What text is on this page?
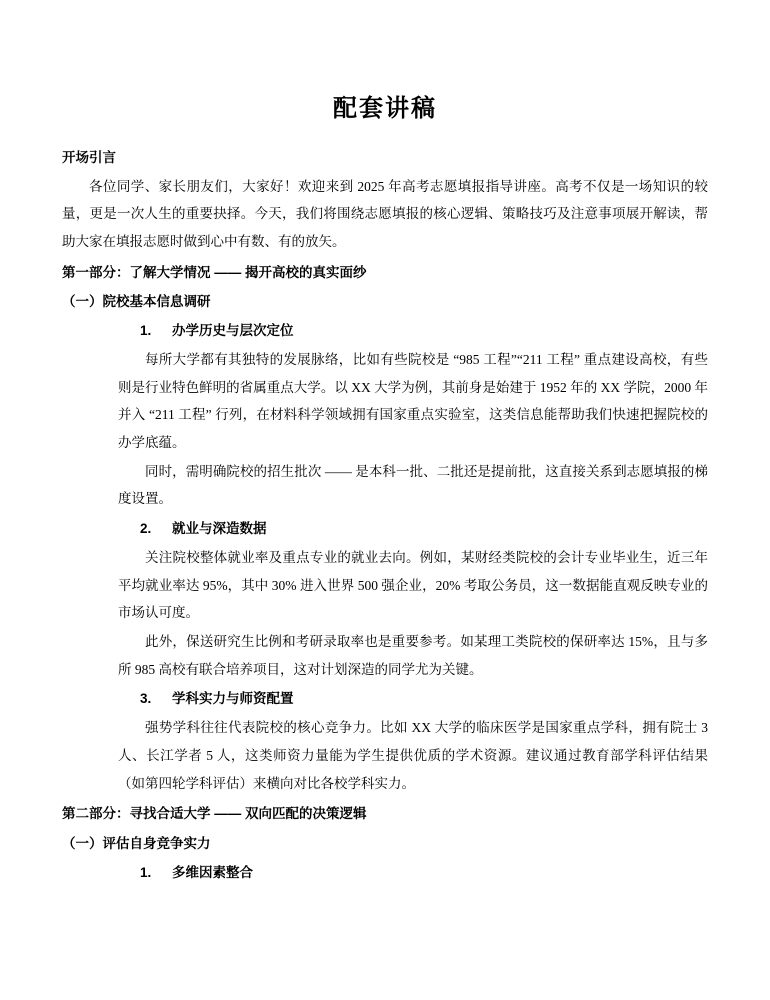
配套讲稿
开场引言

各位同学、家长朋友们，大家好！欢迎来到 2025 年高考志愿填报指导讲座。高考不仅是一场知识的较量，更是一次人生的重要抉择。今天，我们将围绕志愿填报的核心逻辑、策略技巧及注意事项展开解读，帮助大家在填报志愿时做到心中有数、有的放矢。

第一部分：了解大学情况 —— 揭开高校的真实面纱
（一）院校基本信息调研
1. 办学历史与层次定位

每所大学都有其独特的发展脉络，比如有些院校是 “985 工程”“211 工程” 重点建设高校，有些则是行业特色鲜明的省属重点大学。以 XX 大学为例，其前身是始建于 1952 年的 XX 学院，2000 年并入 “211 工程” 行列，在材料科学领域拥有国家重点实验室，这类信息能帮助我们快速把握院校的办学底蕴。

同时，需明确院校的招生批次 —— 是本科一批、二批还是提前批，这直接关系到志愿填报的梯度设置。

2. 就业与深造数据

关注院校整体就业率及重点专业的就业去向。例如，某财经类院校的会计专业毕业生，近三年平均就业率达 95%，其中 30% 进入世界 500 强企业，20% 考取公务员，这一数据能直观反映专业的市场认可度。

此外，保送研究生比例和考研录取率也是重要参考。如某理工类院校的保研率达 15%，且与多所 985 高校有联合培养项目，这对计划深造的同学尤为关键。

3. 学科实力与师资配置

强势学科往往代表院校的核心竞争力。比如 XX 大学的临床医学是国家重点学科，拥有院士 3 人、长江学者 5 人，这类师资力量能为学生提供优质的学术资源。建议通过教育部学科评估结果（如第四轮学科评估）来横向对比各校学科实力。

第二部分：寻找合适大学 —— 双向匹配的决策逻辑
（一）评估自身竞争实力
1. 多维因素整合
